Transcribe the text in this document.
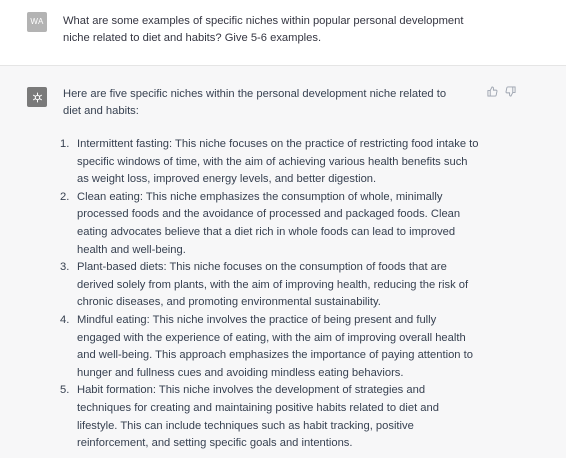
WA	What are some examples of specific niches within popular personal development niche related to diet and habits? Give 5-6 examples.
Here are five specific niches within the personal development niche related to diet and habits:
1. Intermittent fasting: This niche focuses on the practice of restricting food intake to specific windows of time, with the aim of achieving various health benefits such as weight loss, improved energy levels, and better digestion.
2. Clean eating: This niche emphasizes the consumption of whole, minimally processed foods and the avoidance of processed and packaged foods. Clean eating advocates believe that a diet rich in whole foods can lead to improved health and well-being.
3. Plant-based diets: This niche focuses on the consumption of foods that are derived solely from plants, with the aim of improving health, reducing the risk of chronic diseases, and promoting environmental sustainability.
4. Mindful eating: This niche involves the practice of being present and fully engaged with the experience of eating, with the aim of improving overall health and well-being. This approach emphasizes the importance of paying attention to hunger and fullness cues and avoiding mindless eating behaviors.
5. Habit formation: This niche involves the development of strategies and techniques for creating and maintaining positive habits related to diet and lifestyle. This can include techniques such as habit tracking, positive reinforcement, and setting specific goals and intentions.
